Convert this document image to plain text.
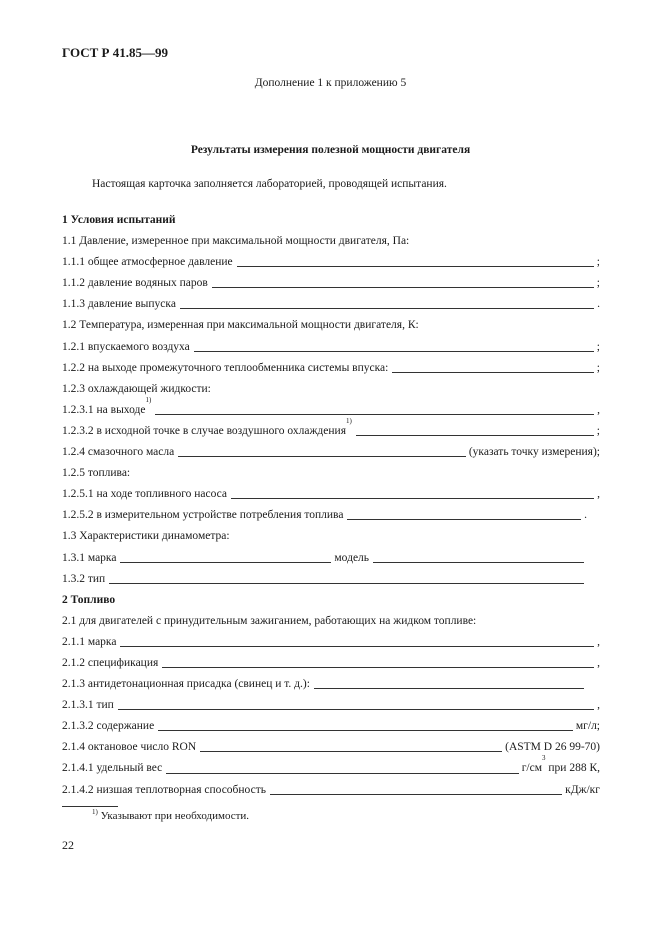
ГОСТ Р 41.85—99
Дополнение 1 к приложению 5
Результаты измерения полезной мощности двигателя
Настоящая карточка заполняется лабораторией, проводящей испытания.
1 Условия испытаний
1.1 Давление, измеренное при максимальной мощности двигателя, Па:
1.1.1
общее атмосферное давление	;
1.1.2
давление водяных паров	;
1.1.3
давление выпуска	.
1.2 Температура, измеренная при максимальной мощности двигателя, К:
1.2.1
впускаемого воздуха	;
1.2.2
на выходе промежуточного теплообменника системы впуска:	;
1.2.3 охлаждающей жидкости:
1.2.3.1
на выходе
1)
,
1.2.3.2
в исходной точке в случае воздушного охлаждения
1)
;
1.2.4
смазочного масла	(указать точку измерения);
1.2.5 топлива:
1.2.5.1
на ходе топливного насоса	,
1.2.5.2
в измерительном устройстве потребления топлива	.
1.3 Характеристики динамометра:
1.3.1
марка	модель
1.3.2
тип
2 Топливо
2.1 для двигателей с принудительным зажиганием, работающих на жидком топливе:
2.1.1
марка	,
2.1.2
спецификация	,
2.1.3
антидетонационная присадка (свинец и т. д.):
2.1.3.1
тип	,
2.1.3.2
содержание	мг/л;
2.1.4
октановое число RON	(ASTM D 26 99-70)
2.1.4.1
удельный вес	г/см
3

при 288 К,
2.1.4.2
низшая теплотворная способность	кДж/кг
$^{1)}$ Указывают при необходимости.
22
